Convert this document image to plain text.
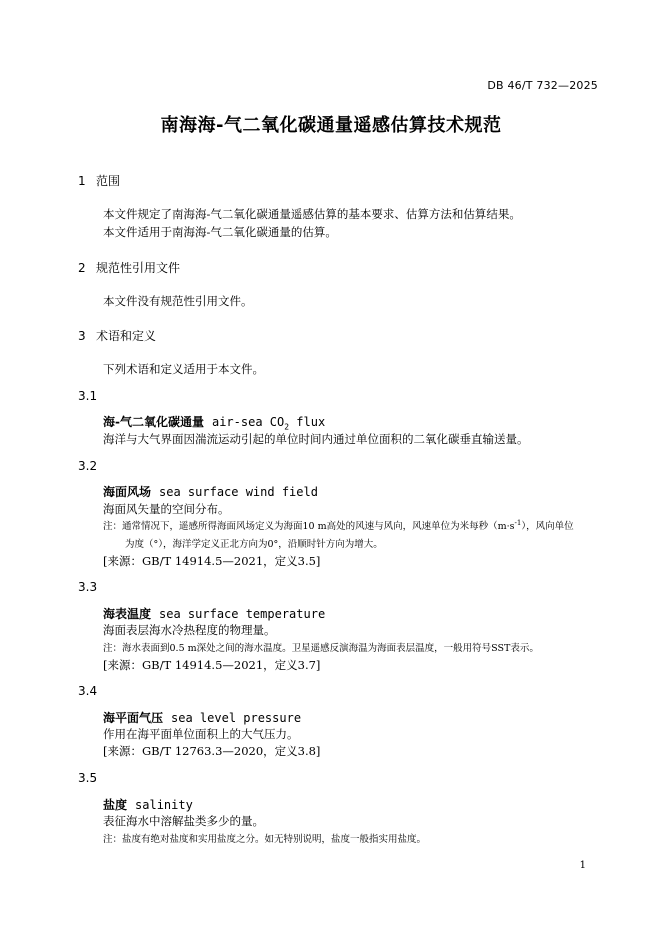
DB 46/T 732—2025
南海海-气二氧化碳通量遥感估算技术规范
1 范围
本文件规定了南海海-气二氧化碳通量遥感估算的基本要求、估算方法和估算结果。
本文件适用于南海海-气二氧化碳通量的估算。
2 规范性引用文件
本文件没有规范性引用文件。
3 术语和定义
下列术语和定义适用于本文件。
3.1
海-气二氧化碳通量 air-sea $CO_2$ flux
海洋与大气界面因湍流运动引起的单位时间内通过单位面积的二氧化碳垂直输送量。
3.2
海面风场 sea surface wind field
海面风矢量的空间分布。
注：通常情况下，遥感所得海面风场定义为海面10 m高处的风速与风向，风速单位为米每秒$(m\cdot s^{-1})$，风向单位
为度（°），海洋学定义正北方向为0°，沿顺时针方向为增大。
[来源：GB/T 14914.5—2021，定义3.5]
3.3
海表温度 sea surface temperature
海面表层海水冷热程度的物理量。
注：海水表面到0.5 m深处之间的海水温度。卫星遥感反演海温为海面表层温度，一般用符号SST表示。
[来源：GB/T 14914.5—2021，定义3.7]
3.4
海平面气压 sea level pressure
作用在海平面单位面积上的大气压力。
[来源：GB/T 12763.3—2020，定义3.8]
3.5
盐度 salinity
表征海水中溶解盐类多少的量。
注：盐度有绝对盐度和实用盐度之分。如无特别说明，盐度一般指实用盐度。
1
